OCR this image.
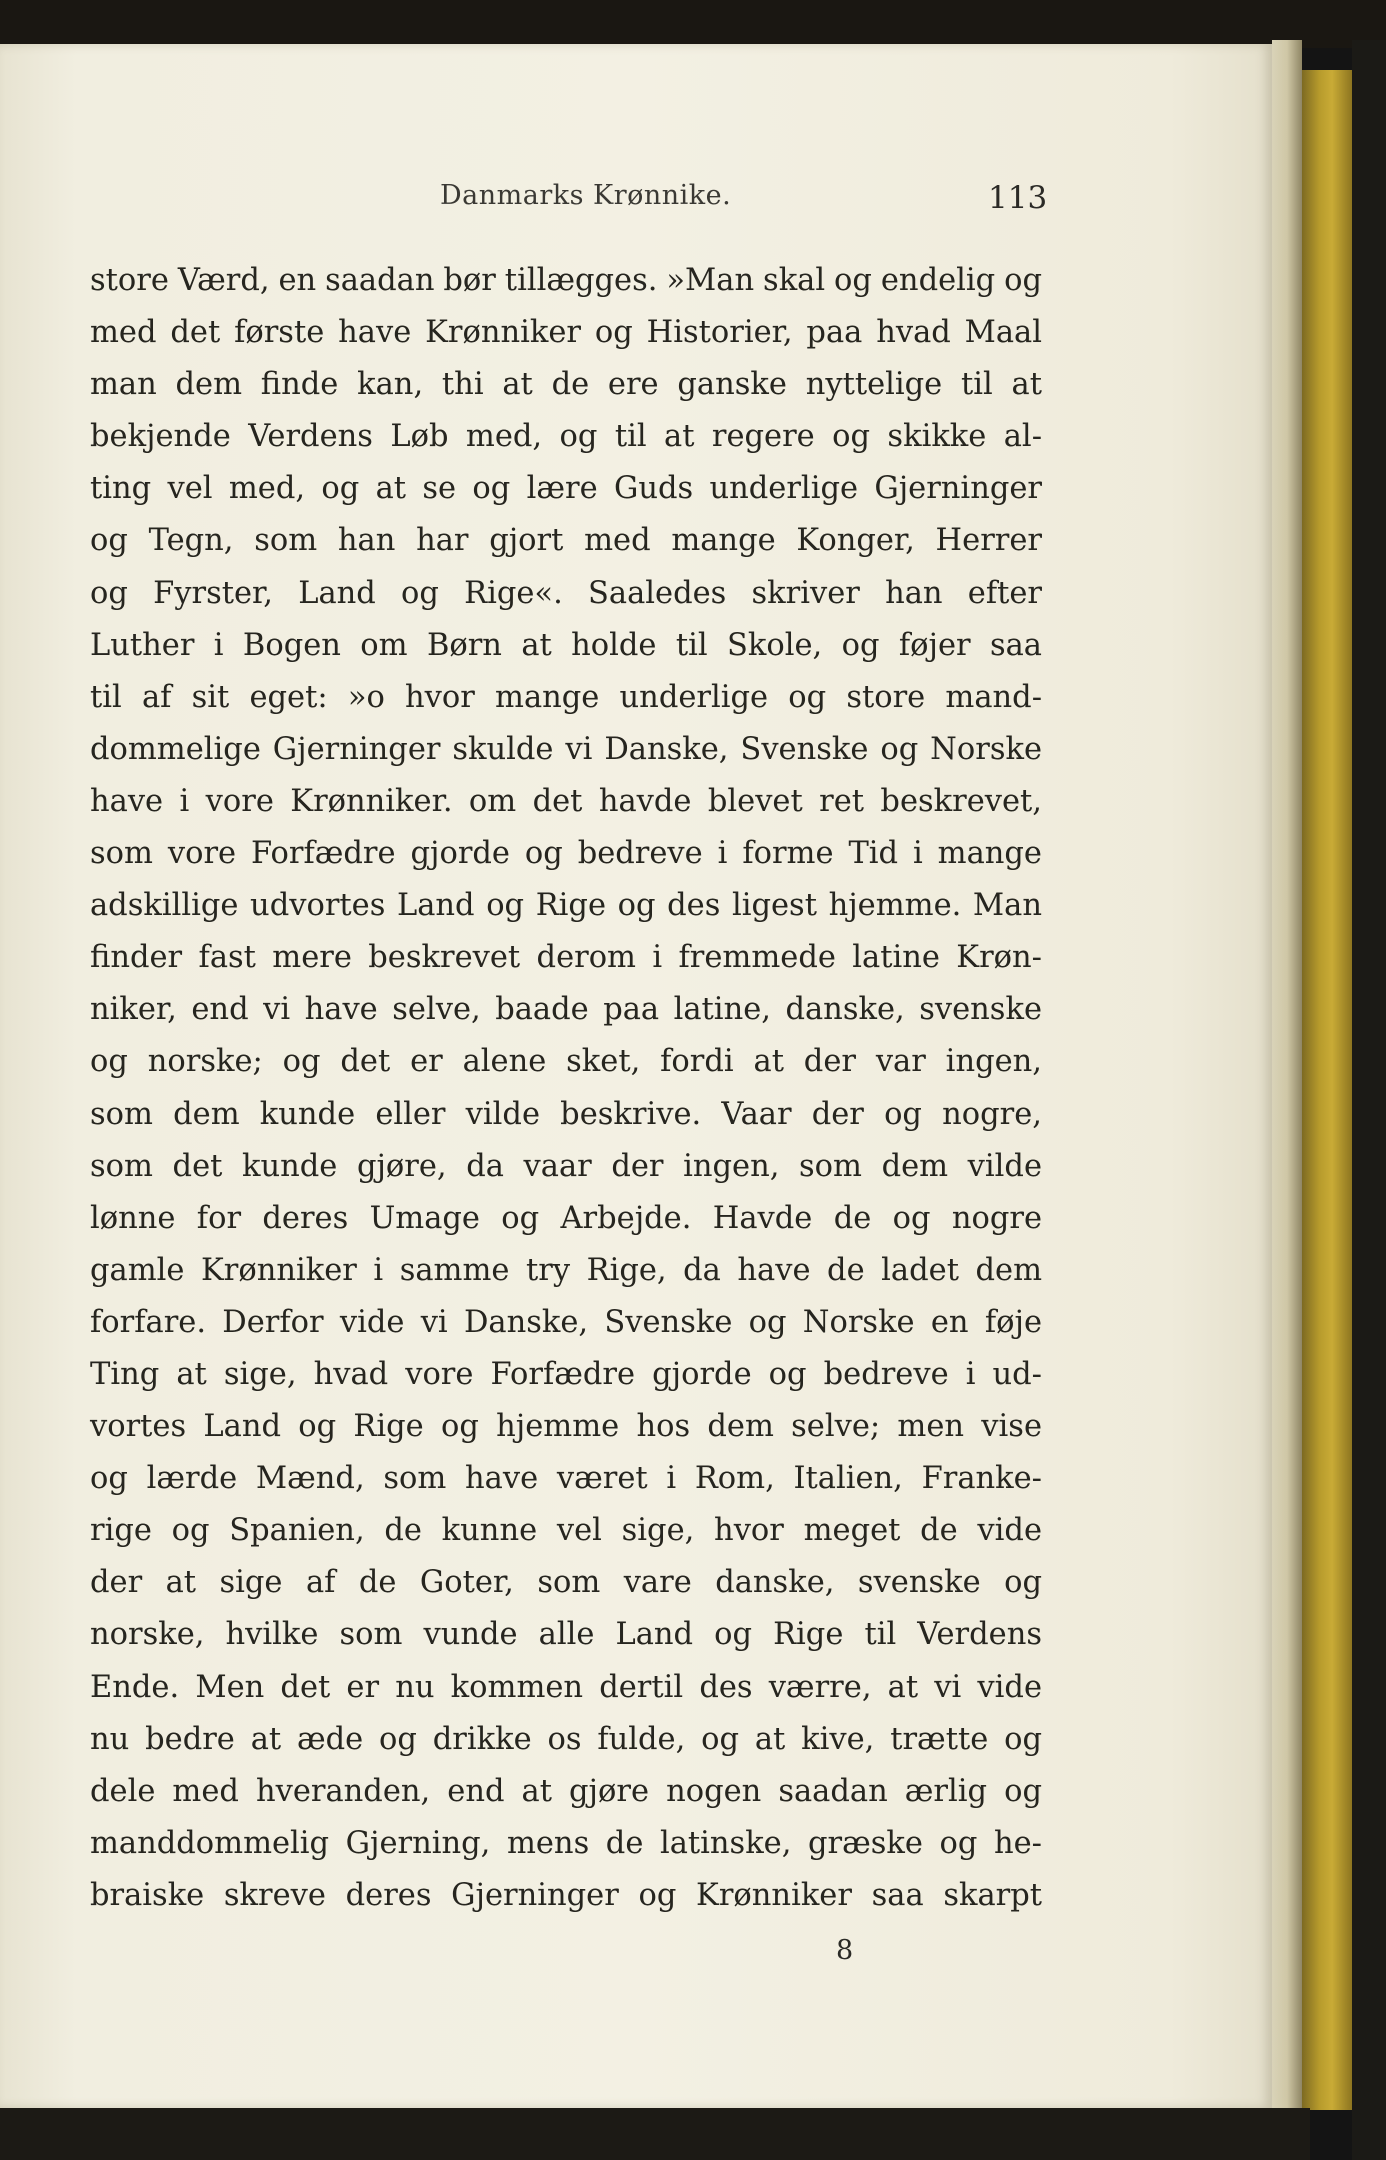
Danmarks Krønnike.	113
store Værd, en saadan bør tillægges. »Man skal og endelig og
med det første have Krønniker og Historier, paa hvad Maal
man dem finde kan, thi at de ere ganske nyttelige til at
bekjende Verdens Løb med, og til at regere og skikke al-
ting vel med, og at se og lære Guds underlige Gjerninger
og Tegn, som han har gjort med mange Konger, Herrer
og Fyrster, Land og Rige«. Saaledes skriver han efter
Luther i Bogen om Børn at holde til Skole, og føjer saa
til af sit eget: »o hvor mange underlige og store mand-
dommelige Gjerninger skulde vi Danske, Svenske og Norske
have i vore Krønniker. om det havde blevet ret beskrevet,
som vore Forfædre gjorde og bedreve i forme Tid i mange
adskillige udvortes Land og Rige og des ligest hjemme. Man
finder fast mere beskrevet derom i fremmede latine Krøn-
niker, end vi have selve, baade paa latine, danske, svenske
og norske; og det er alene sket, fordi at der var ingen,
som dem kunde eller vilde beskrive. Vaar der og nogre,
som det kunde gjøre, da vaar der ingen, som dem vilde
lønne for deres Umage og Arbejde. Havde de og nogre
gamle Krønniker i samme try Rige, da have de ladet dem
forfare. Derfor vide vi Danske, Svenske og Norske en føje
Ting at sige, hvad vore Forfædre gjorde og bedreve i ud-
vortes Land og Rige og hjemme hos dem selve; men vise
og lærde Mænd, som have været i Rom, Italien, Franke-
rige og Spanien, de kunne vel sige, hvor meget de vide
der at sige af de Goter, som vare danske, svenske og
norske, hvilke som vunde alle Land og Rige til Verdens
Ende. Men det er nu kommen dertil des værre, at vi vide
nu bedre at æde og drikke os fulde, og at kive, trætte og
dele med hveranden, end at gjøre nogen saadan ærlig og
manddommelig Gjerning, mens de latinske, græske og he-
braiske skreve deres Gjerninger og Krønniker saa skarpt
8
